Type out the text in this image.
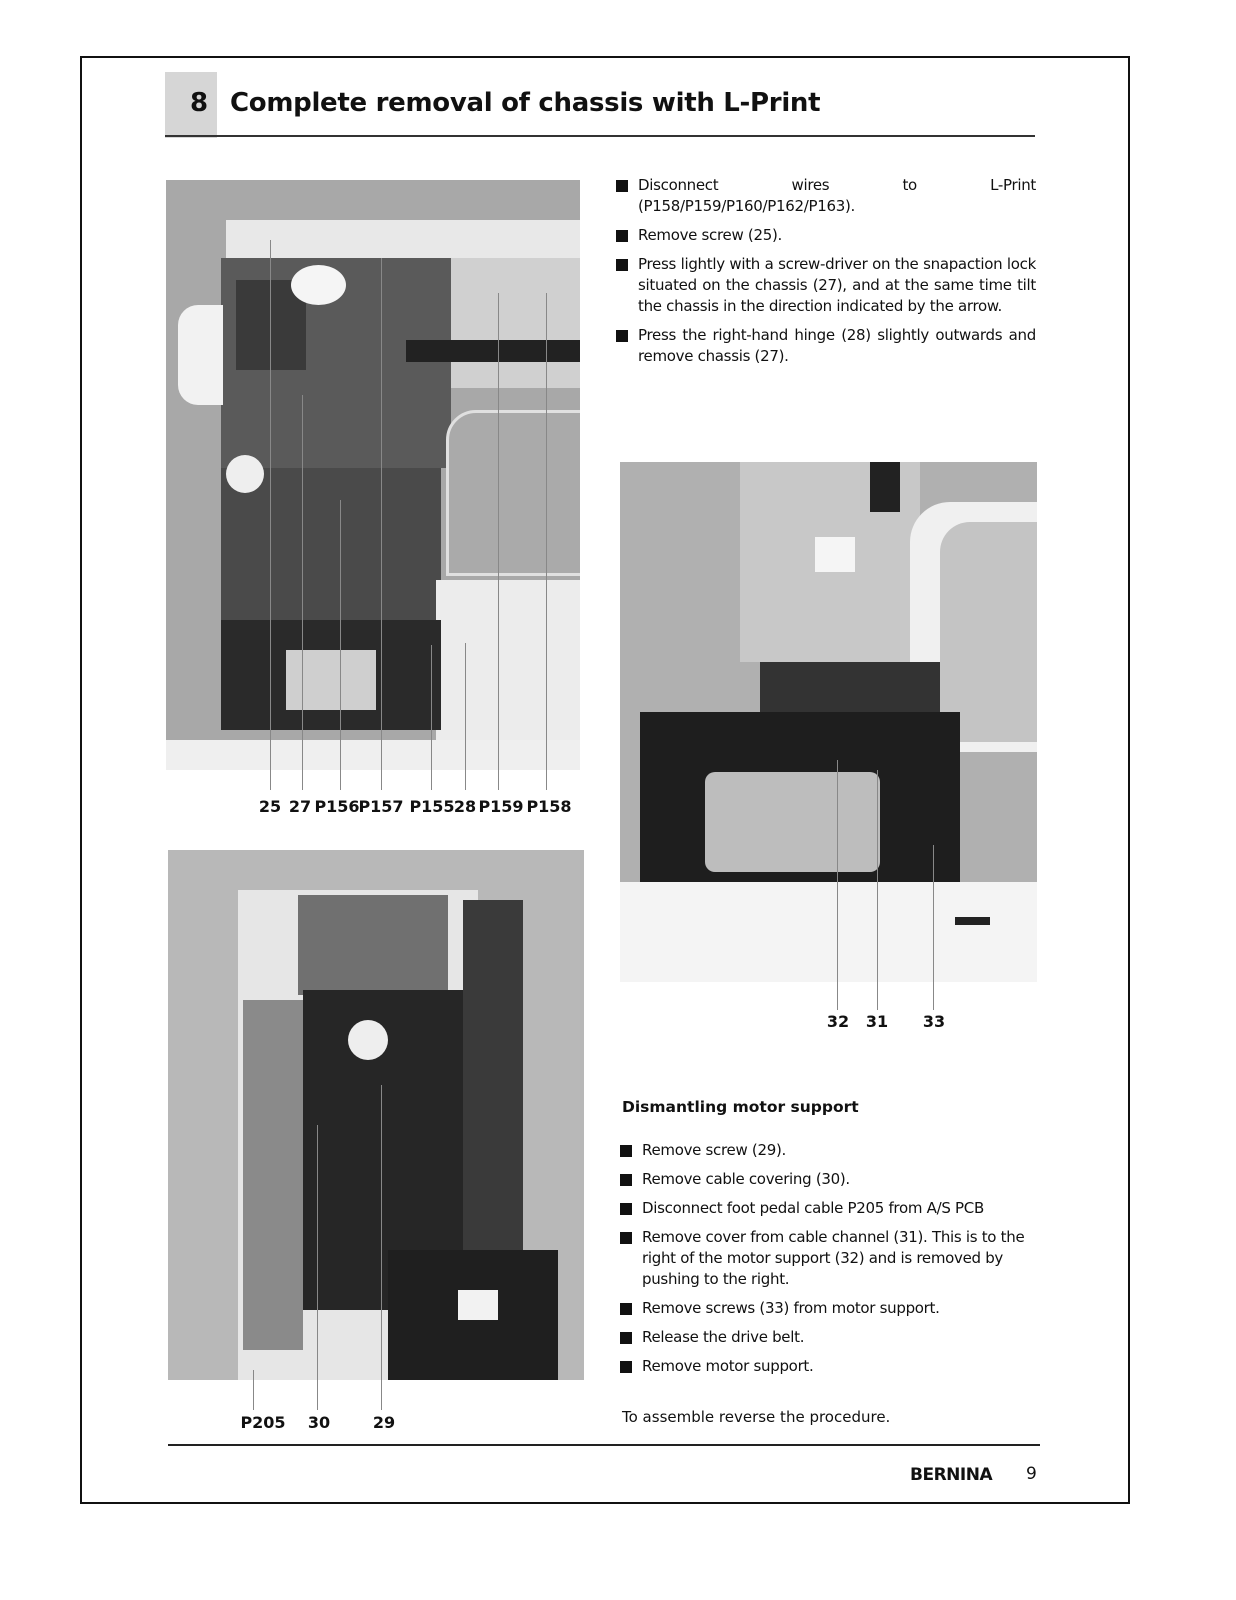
8 Complete removal of chassis with L-Print
25 27 P156
P157 P155 28 P159 P158
Disconnect wires to L-Print (P158/P159/P160/P162/P163).
Remove screw (25).
Press lightly with a screw-driver on the snapaction lock situated on the chassis (27), and at the same time tilt the chassis in the direction indicated by the arrow.
Press the right-hand hinge (28) slightly outwards and remove chassis (27).
32 31 33
P205 30	29
Dismantling motor support
Remove screw (29).
Remove cable covering (30).
Disconnect foot pedal cable P205 from A/S PCB
Remove cover from cable channel (31). This is to the right of the motor support (32) and is removed by pushing to the right.
Remove screws (33) from motor support.
Release the drive belt.
Remove motor support.
To assemble reverse the procedure.
BERNINA 9
